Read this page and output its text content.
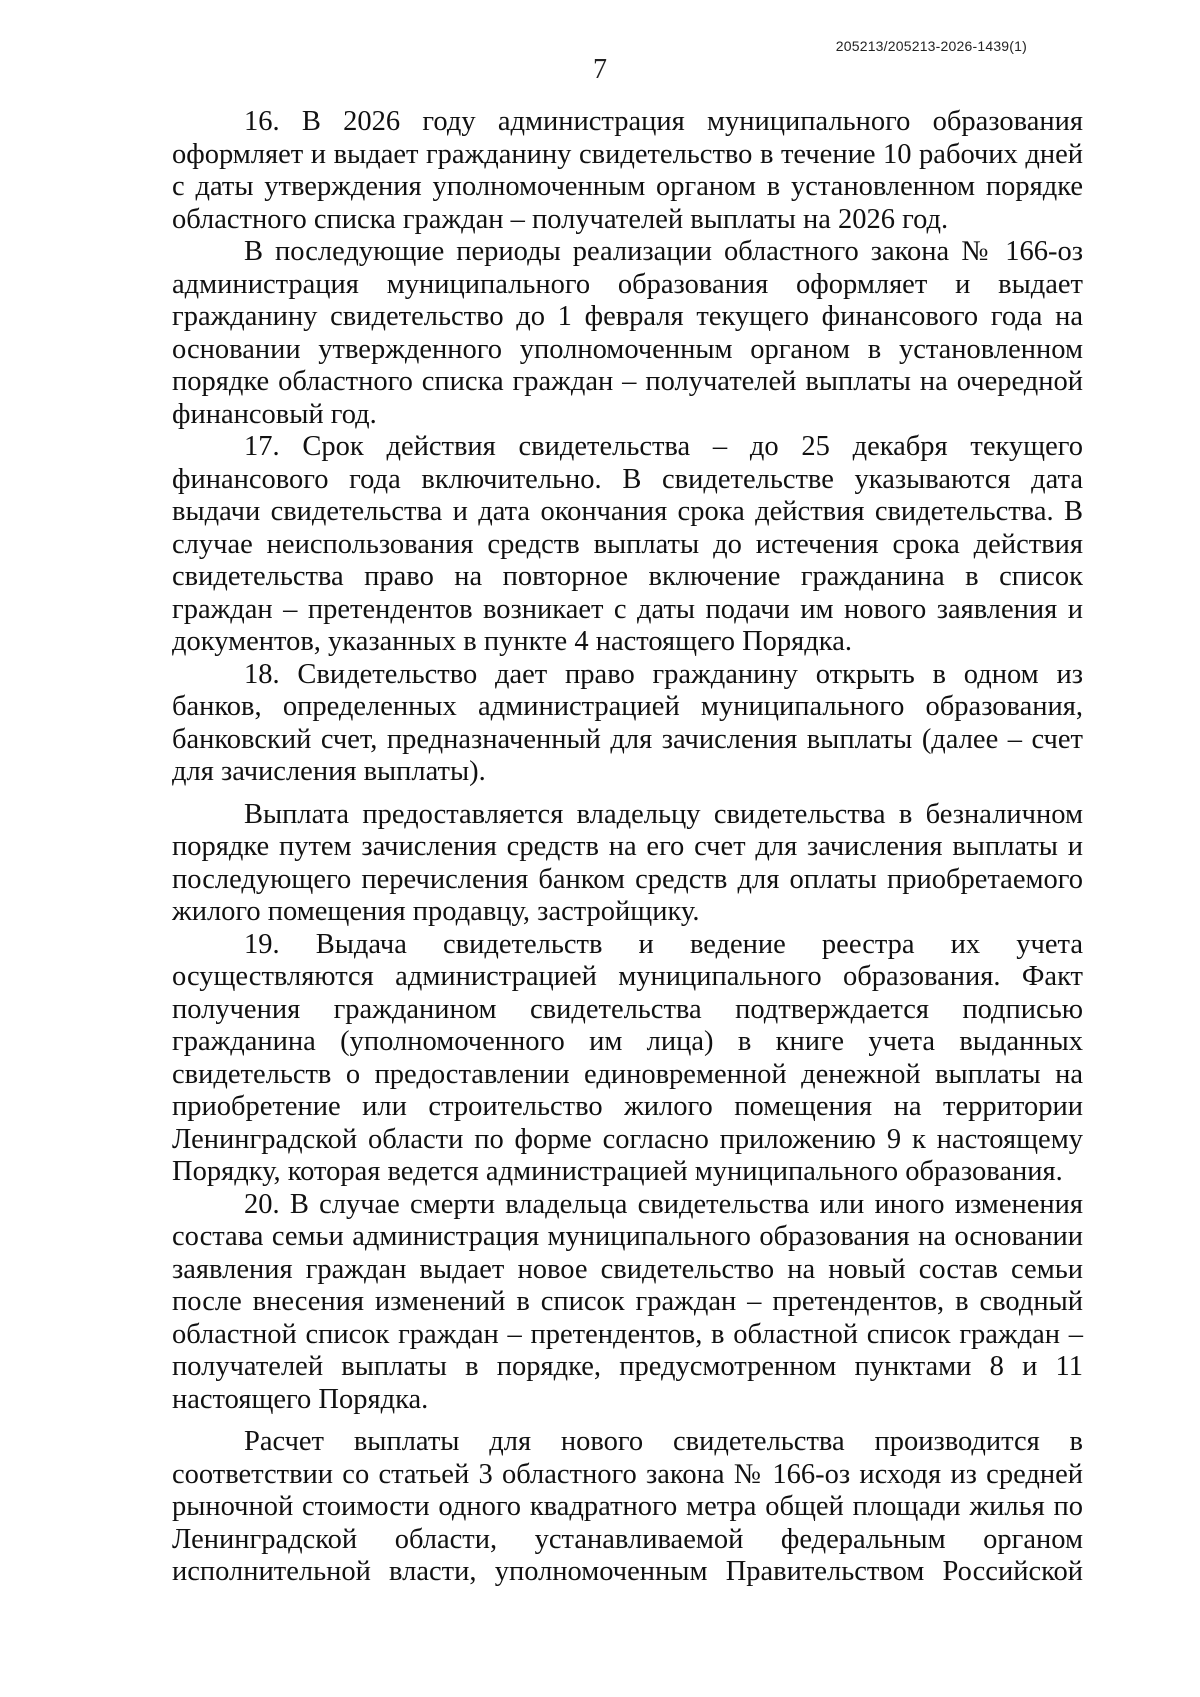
205213/205213-2026-1439(1)
7

16. В 2026 году администрация муниципального образования оформляет и выдает гражданину свидетельство в течение 10 рабочих дней с даты утверждения уполномоченным органом в установленном порядке областного списка граждан – получателей выплаты на 2026 год.

В последующие периоды реализации областного закона № 166-оз администрация муниципального образования оформляет и выдает гражданину свидетельство до 1 февраля текущего финансового года на основании утвержденного уполномоченным органом в установленном порядке областного списка граждан – получателей выплаты на очередной финансовый год.

17. Срок действия свидетельства – до 25 декабря текущего финансового года включительно. В свидетельстве указываются дата выдачи свидетельства и дата окончания срока действия свидетельства. В случае неиспользования средств выплаты до истечения срока действия свидетельства право на повторное включение гражданина в список граждан – претендентов возникает с даты подачи им нового заявления и документов, указанных в пункте 4 настоящего Порядка.

18. Свидетельство дает право гражданину открыть в одном из банков, определенных администрацией муниципального образования, банковский счет, предназначенный для зачисления выплаты (далее – счет для зачисления выплаты).

Выплата предоставляется владельцу свидетельства в безналичном порядке путем зачисления средств на его счет для зачисления выплаты и последующего перечисления банком средств для оплаты приобретаемого жилого помещения продавцу, застройщику.

19. Выдача свидетельств и ведение реестра их учета осуществляются администрацией муниципального образования. Факт получения гражданином свидетельства подтверждается подписью гражданина (уполномоченного им лица) в книге учета выданных свидетельств о предоставлении единовременной денежной выплаты на приобретение или строительство жилого помещения на территории Ленинградской области по форме согласно приложению 9 к настоящему Порядку, которая ведется администрацией муниципального образования.

20. В случае смерти владельца свидетельства или иного изменения состава семьи администрация муниципального образования на основании заявления граждан выдает новое свидетельство на новый состав семьи после внесения изменений в список граждан – претендентов, в сводный областной список граждан – претендентов, в областной список граждан – получателей выплаты в порядке, предусмотренном пунктами 8 и 11 настоящего Порядка.

Расчет выплаты для нового свидетельства производится в соответствии со статьей 3 областного закона № 166-оз исходя из средней рыночной стоимости одного квадратного метра общей площади жилья по Ленинградской области, устанавливаемой федеральным органом исполнительной власти, уполномоченным Правительством Российской
